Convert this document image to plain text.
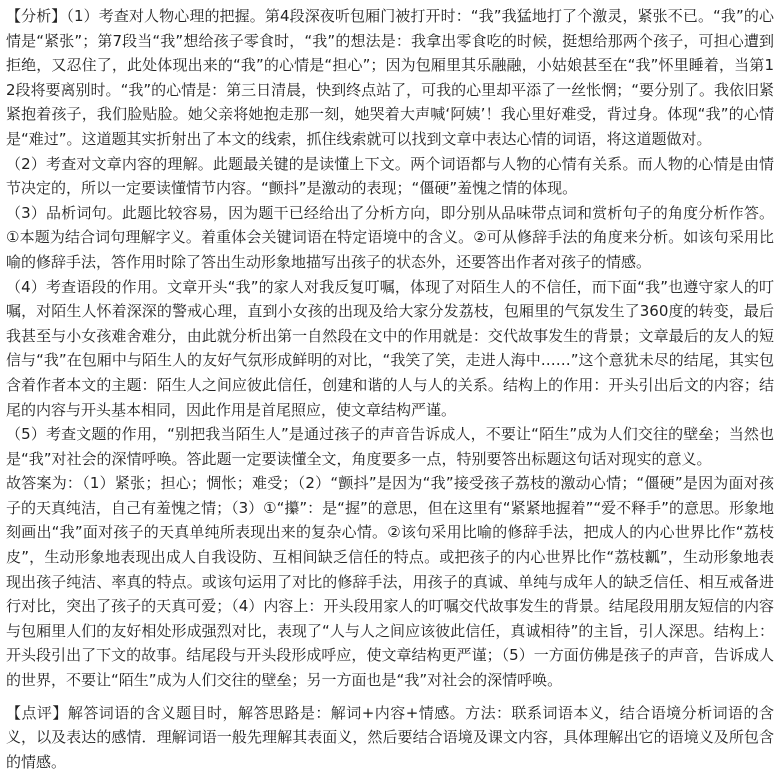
【分析】（1）考查对人物心理的把握。第4段深夜听包厢门被打开时：“我”我猛地打了个激灵，紧张不已。“我”的心情是“紧张”；第7段当“我”想给孩子零食时，“我”的想法是：我拿出零食吃的时候，挺想给那两个孩子，可担心遭到拒绝，又忍住了，此处体现出来的“我”的心情是“担心”；因为包厢里其乐融融，小姑娘甚至在“我”怀里睡着，当第12段将要离别时。“我”的心情是：第三日清晨，快到终点站了，可我的心里却平添了一丝怅惘；“要分别了。我依旧紧紧抱着孩子，我们脸贴脸。她父亲将她抱走那一刻，她哭着大声喊‘阿姨’！我心里好难受，背过身。体现“我”的心情是“难过”。这道题其实折射出了本文的线索，抓住线索就可以找到文章中表达心情的词语，将这道题做对。

（2）考查对文章内容的理解。此题最关键的是读懂上下文。两个词语都与人物的心情有关系。而人物的心情是由情节决定的，所以一定要读懂情节内容。“颤抖”是激动的表现；“僵硬”羞愧之情的体现。

（3）品析词句。此题比较容易，因为题干已经给出了分析方向，即分别从品味带点词和赏析句子的角度分析作答。①本题为结合词句理解字义。着重体会关键词语在特定语境中的含义。②可从修辞手法的角度来分析。如该句采用比喻的修辞手法，答作用时除了答出生动形象地描写出孩子的状态外，还要答出作者对孩子的情感。

（4）考查语段的作用。文章开头“我”的家人对我反复叮嘱，体现了对陌生人的不信任，而下面“我”也遵守家人的叮嘱，对陌生人怀着深深的警戒心理，直到小女孩的出现及给大家分发荔枝，包厢里的气氛发生了360度的转变，最后我甚至与小女孩难舍难分，由此就分析出第一自然段在文中的作用就是：交代故事发生的背景；文章最后的友人的短信与“我”在包厢中与陌生人的友好气氛形成鲜明的对比，“我笑了笑，走进人海中……”这个意犹未尽的结尾，其实包含着作者本文的主题：陌生人之间应彼此信任，创建和谐的人与人的关系。结构上的作用：开头引出后文的内容；结尾的内容与开头基本相同，因此作用是首尾照应，使文章结构严谨。

（5）考查文题的作用，“别把我当陌生人”是通过孩子的声音告诉成人，不要让“陌生”成为人们交往的壁垒；当然也是“我”对社会的深情呼唤。答此题一定要读懂全文，角度要多一点，特别要答出标题这句话对现实的意义。

故答案为：（1）紧张；担心；惆怅；难受；（2）“颤抖”是因为“我”接受孩子荔枝的激动心情；“僵硬”是因为面对孩子的天真纯洁，自己有羞愧之情；（3）①“攥”：是“握”的意思，但在这里有“紧紧地握着”“爱不释手”的意思。形象地刻画出“我”面对孩子的天真单纯所表现出来的复杂心情。②该句采用比喻的修辞手法，把成人的内心世界比作“荔枝皮”，生动形象地表现出成人自我设防、互相间缺乏信任的特点。或把孩子的内心世界比作“荔枝瓤”，生动形象地表现出孩子纯洁、率真的特点。或该句运用了对比的修辞手法，用孩子的真诚、单纯与成年人的缺乏信任、相互戒备进行对比，突出了孩子的天真可爱；（4）内容上：开头段用家人的叮嘱交代故事发生的背景。结尾段用朋友短信的内容与包厢里人们的友好相处形成强烈对比，表现了“人与人之间应该彼此信任，真诚相待”的主旨，引人深思。结构上：开头段引出了下文的故事。结尾段与开头段形成呼应，使文章结构更严谨；（5）一方面仿佛是孩子的声音，告诉成人的世界，不要让“陌生”成为人们交往的壁垒；另一方面也是“我”对社会的深情呼唤。

【点评】解答词语的含义题目时，解答思路是：解词+内容+情感。方法：联系词语本义，结合语境分析词语的含义，以及表达的感情．理解词语一般先理解其表面义，然后要结合语境及课文内容，具体理解出它的语境义及所包含的情感。
